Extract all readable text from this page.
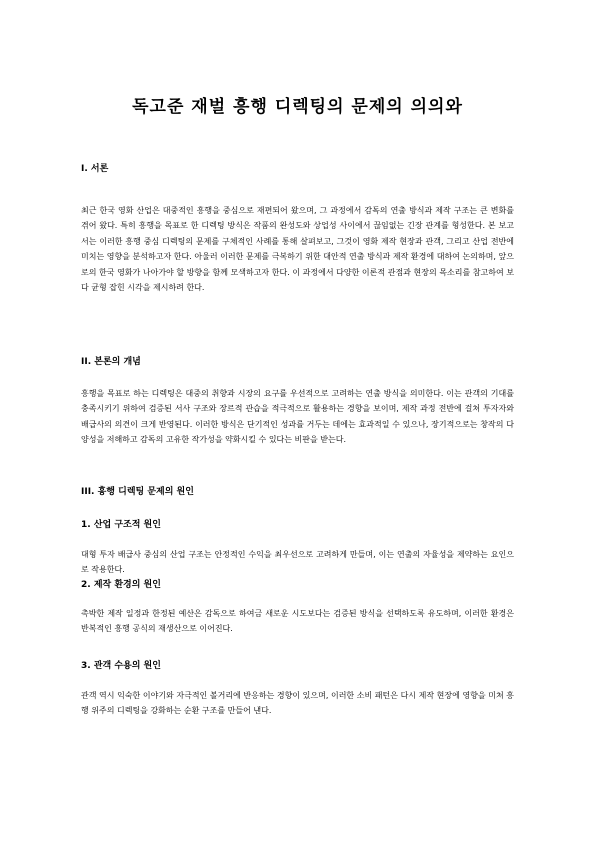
독고준 재벌 흥행 디렉팅의 문제의 의의와
I. 서론
최근 한국 영화 산업은 대중적인 흥행을 중심으로 재편되어 왔으며, 그 과정에서 감독의 연출 방식과 제작 구조는 큰 변화를 겪어 왔다. 특히 흥행을 목표로 한 디렉팅 방식은 작품의 완성도와 상업성 사이에서 끊임없는 긴장 관계를 형성한다. 본 보고서는 이러한 흥행 중심 디렉팅의 문제를 구체적인 사례를 통해 살펴보고, 그것이 영화 제작 현장과 관객, 그리고 산업 전반에 미치는 영향을 분석하고자 한다. 아울러 이러한 문제를 극복하기 위한 대안적 연출 방식과 제작 환경에 대하여 논의하며, 앞으로의 한국 영화가 나아가야 할 방향을 함께 모색하고자 한다. 이 과정에서 다양한 이론적 관점과 현장의 목소리를 참고하여 보다 균형 잡힌 시각을 제시하려 한다.
II. 본론의 개념
흥행을 목표로 하는 디렉팅은 대중의 취향과 시장의 요구를 우선적으로 고려하는 연출 방식을 의미한다. 이는 관객의 기대를 충족시키기 위하여 검증된 서사 구조와 장르적 관습을 적극적으로 활용하는 경향을 보이며, 제작 과정 전반에 걸쳐 투자자와 배급사의 의견이 크게 반영된다. 이러한 방식은 단기적인 성과를 거두는 데에는 효과적일 수 있으나, 장기적으로는 창작의 다양성을 저해하고 감독의 고유한 작가성을 약화시킬 수 있다는 비판을 받는다.
III. 흥행 디렉팅 문제의 원인
1. 산업 구조적 원인
대형 투자 배급사 중심의 산업 구조는 안정적인 수익을 최우선으로 고려하게 만들며, 이는 연출의 자율성을 제약하는 요인으로 작용한다.
2. 제작 환경의 원인
촉박한 제작 일정과 한정된 예산은 감독으로 하여금 새로운 시도보다는 검증된 방식을 선택하도록 유도하며, 이러한 환경은 반복적인 흥행 공식의 재생산으로 이어진다.
3. 관객 수용의 원인
관객 역시 익숙한 이야기와 자극적인 볼거리에 반응하는 경향이 있으며, 이러한 소비 패턴은 다시 제작 현장에 영향을 미쳐 흥행 위주의 디렉팅을 강화하는 순환 구조를 만들어 낸다.
